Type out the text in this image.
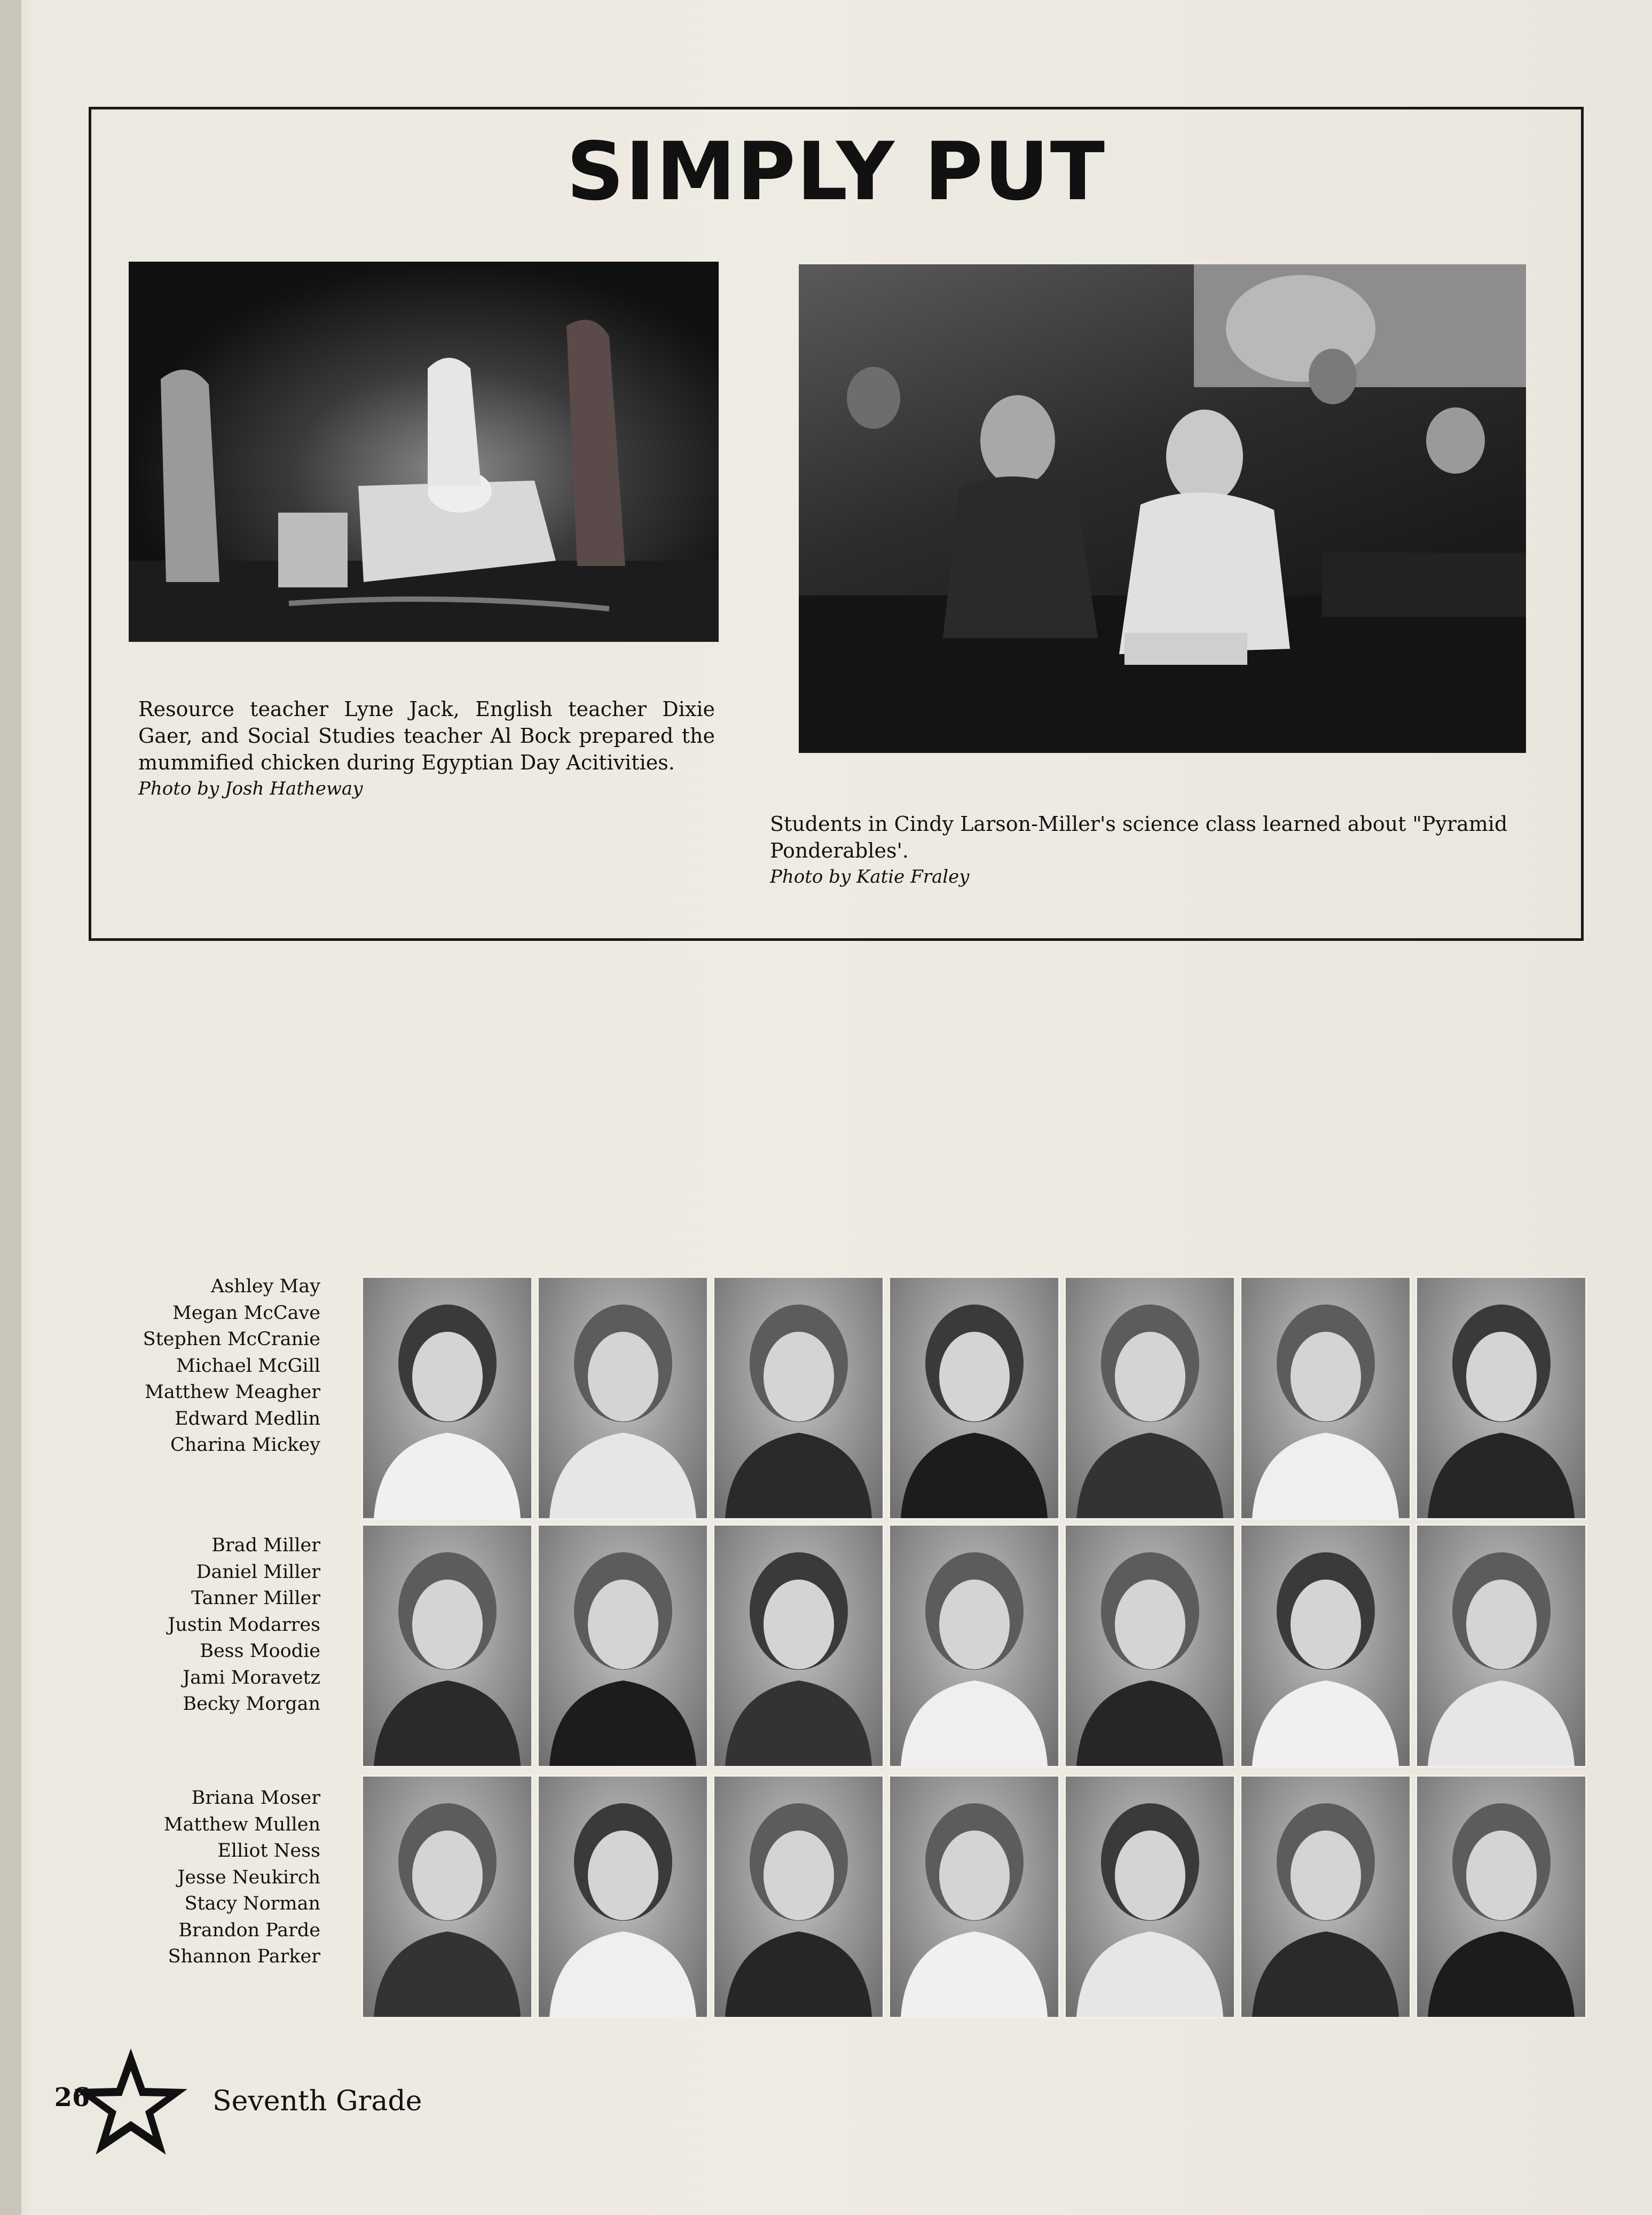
SIMPLY PUT

Resource teacher Lyne Jack, English teacher Dixie Gaer, and Social Studies teacher Al Bock prepared the mummified chicken during Egyptian Day Acitivities.
Photo by Josh Hatheway

Students in Cindy Larson-Miller's science class learned about "Pyramid Ponderables'.
Photo by Katie Fraley

Ashley May
Megan McCave
Stephen McCranie
Michael McGill
Matthew Meagher
Edward Medlin
Charina Mickey
Brad Miller
Daniel Miller
Tanner Miller
Justin Modarres
Bess Moodie
Jami Moravetz
Becky Morgan
Briana Moser
Matthew Mullen
Elliot Ness
Jesse Neukirch
Stacy Norman
Brandon Parde
Shannon Parker
26	Seventh Grade
